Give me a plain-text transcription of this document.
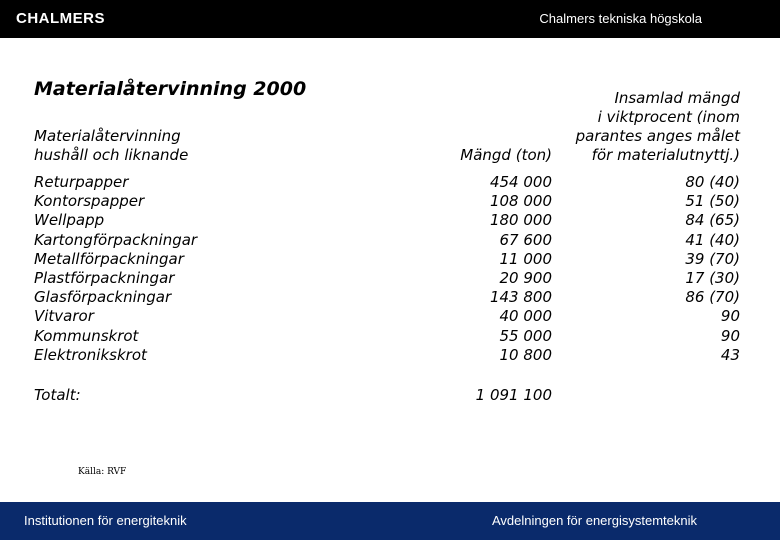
CHALMERS	Chalmers tekniska högskola
Materialåtervinning 2000
Materialåtervinning
hushåll och liknande	Mängd (ton)
Insamlad mängd
i viktprocent (inom
parantes anges målet
för materialutnyttj.)
Returpapper	454 000	80 (40)
Kontorspapper	108 000	51 (50)
Wellpapp	180 000	84 (65)
Kartongförpackningar	67 600	41 (40)
Metallförpackningar	11 000	39 (70)
Plastförpackningar	20 900	17 (30)
Glasförpackningar	143 800	86 (70)
Vitvaror	40 000	90
Kommunskrot	55 000	90
Elektronikskrot	10 800	43
Totalt:	1 091 100
Källa: RVF
Institutionen för energiteknik	Avdelningen för energisystemteknik
